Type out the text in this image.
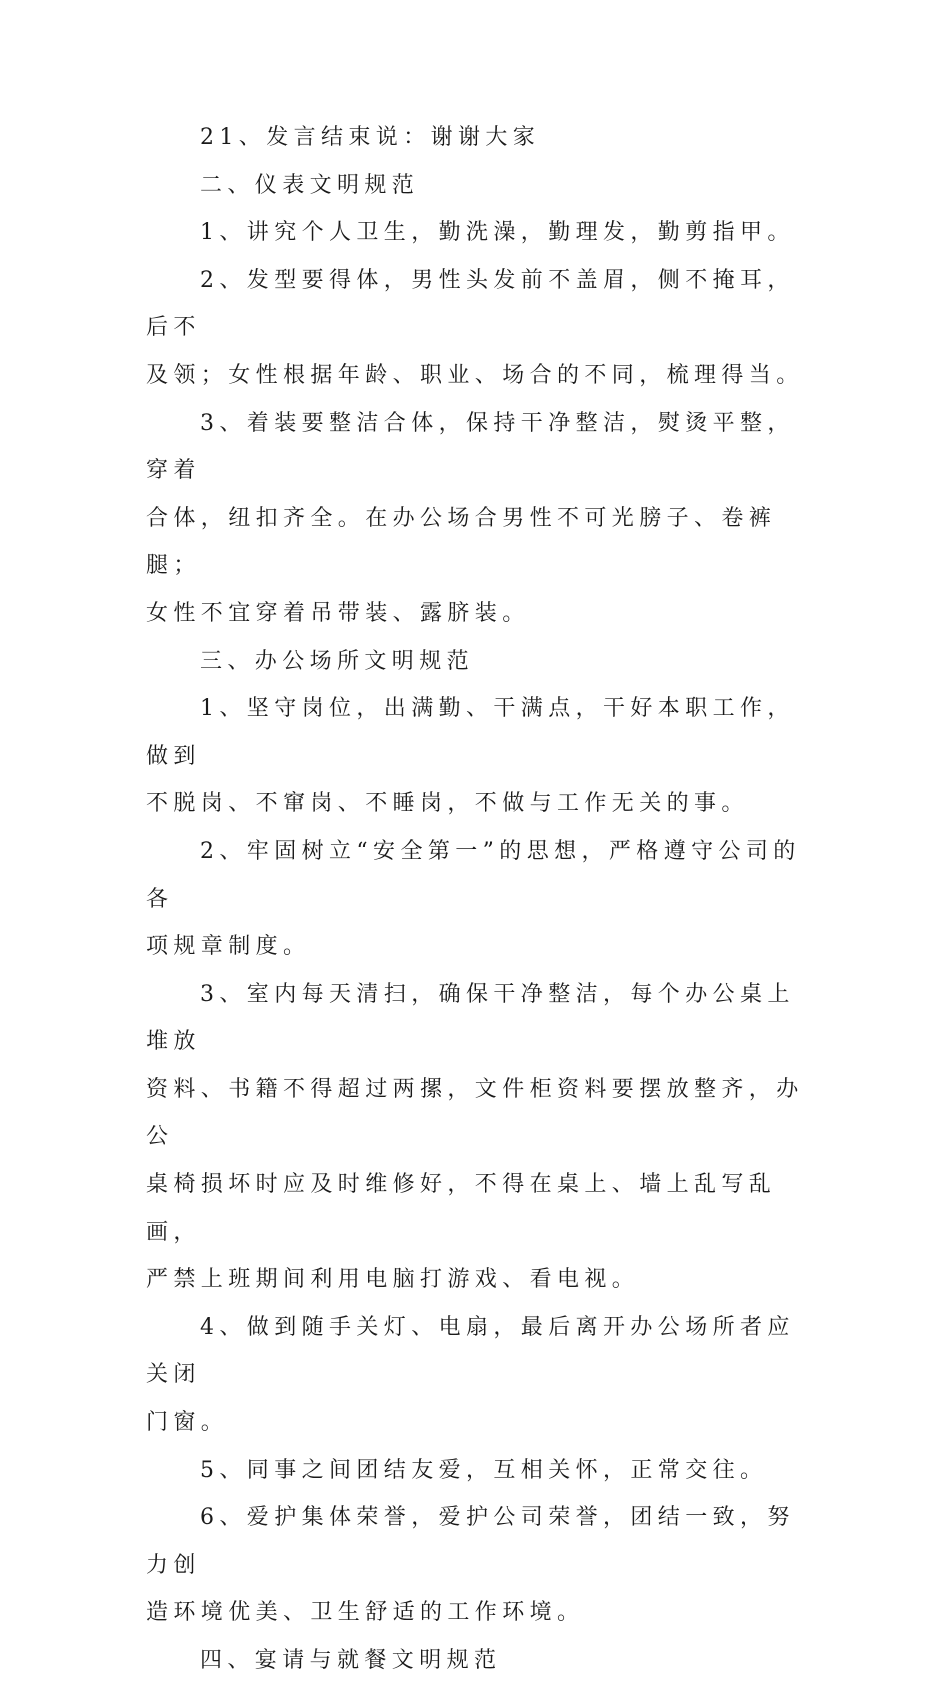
21、发言结束说：谢谢大家

二、仪表文明规范

1、讲究个人卫生，勤洗澡，勤理发，勤剪指甲。

2、发型要得体，男性头发前不盖眉，侧不掩耳，后不
及领；女性根据年龄、职业、场合的不同，梳理得当。

3、着装要整洁合体，保持干净整洁，熨烫平整，穿着
合体，纽扣齐全。在办公场合男性不可光膀子、卷裤腿；
女性不宜穿着吊带装、露脐装。

三、办公场所文明规范

1、坚守岗位，出满勤、干满点，干好本职工作，做到
不脱岗、不窜岗、不睡岗，不做与工作无关的事。

2、牢固树立“安全第一”的思想，严格遵守公司的各
项规章制度。

3、室内每天清扫，确保干净整洁，每个办公桌上堆放
资料、书籍不得超过两摞，文件柜资料要摆放整齐，办公
桌椅损坏时应及时维修好，不得在桌上、墙上乱写乱画，
严禁上班期间利用电脑打游戏、看电视。

4、做到随手关灯、电扇，最后离开办公场所者应关闭
门窗。

5、同事之间团结友爱，互相关怀，正常交往。

6、爱护集体荣誉，爱护公司荣誉，团结一致，努力创
造环境优美、卫生舒适的工作环境。

四、宴请与就餐文明规范
